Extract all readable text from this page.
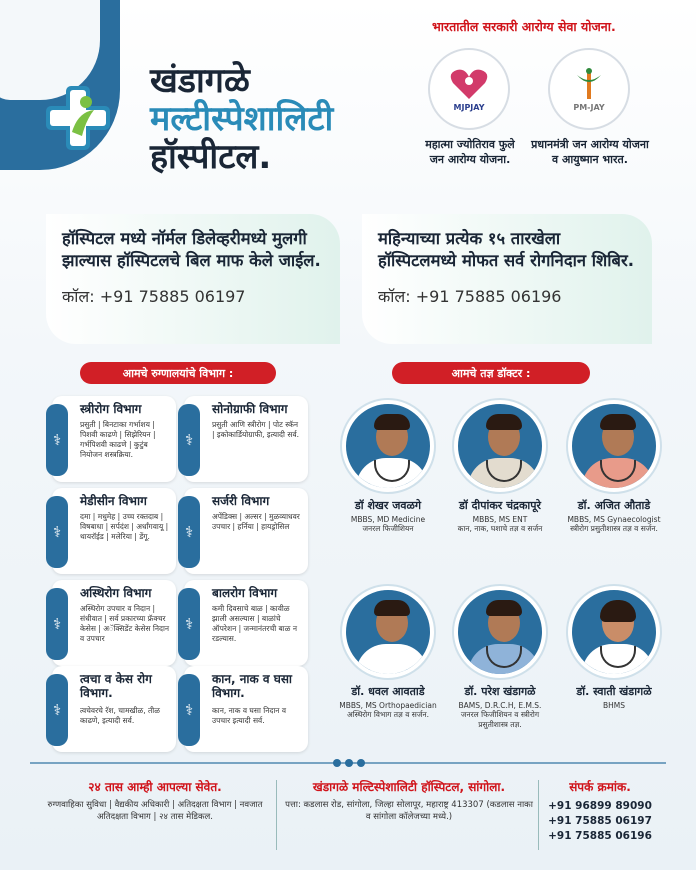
खंडागळे
मल्टीस्पेशालिटी
हॉस्पीटल.
भारतातील सरकारी आरोग्य सेवा योजना.
MJPJAY	PM-JAY
महात्मा ज्योतिराव फुले जन आरोग्य योजना.
प्रधानमंत्री जन आरोग्य योजना व आयुष्मान भारत.
हॉस्पिटल मध्ये नॉर्मल डिलेव्हरीमध्ये मुलगी झाल्यास हॉस्पिटलचे बिल माफ केले जाईल.
कॉल: +91 75885 06197
महिन्याच्या प्रत्येक १५ तारखेला हॉस्पिटलमध्ये मोफत सर्व रोगनिदान शिबिर.
कॉल: +91 75885 06196
आमचे रुग्णालयांचे विभाग :	आमचे तज्ञ डॉक्टर :
⚕
स्त्रीरोग विभाग
प्रसुती | बिनटाका गर्भाशय | पिशवी काढणे | सिझेरियन | गर्भपिशवी काढणे | कुटुंब नियोजन शस्त्रक्रिया.
⚕
सोनोग्राफी विभाग
प्रसुती आणि स्त्रीरोग | पोट स्कॅन | इकोकार्डियोग्राफी, इत्यादी सर्व.
⚕
मेडीसीन विभाग
दमा | मधुमेह | उच्च रक्तदाब | विषबाधा | सर्पदंश | अर्धांगवायू | थायरॉईड | मलेरिया | डेंगू.	⚕
सर्जरी विभाग
अपेंडिक्स | अल्सर | मुळव्याधवर उपचार | हर्निया | हायड्रोसिल
⚕
अस्थिरोग विभाग
अस्थिरोग उपचार व निदान | संधीवात | सर्व प्रकारच्या फ्रॅक्चर केसेस | अॅक्सिडेंट केसेस निदान व उपचार
⚕
बालरोग विभाग
कमी दिवसाचे बाळ | कावीळ झाली असल्यास | बाळांचे ऑपरेशन | जन्मानंतरची बाळ न रडल्यास.
⚕
त्वचा व केस रोग विभाग.
त्वचेवरचे रॅश, चामखीळ, तीळ काढणे, इत्यादी सर्व.
⚕
कान, नाक व घसा विभाग.
कान, नाक व घसा निदान व उपचार इत्यादी सर्व.
डॉ शेखर जवळगे
MBBS, MD Medicine
जनरल फिजीशियन
डॉ दीपांकर चंद्रकापूरे
MBBS, MS ENT
कान, नाक, घशाचे तज्ञ व सर्जन
डॉ. अजित औताडे
MBBS, MS Gynaecologist
स्त्रीरोग प्रसुतीशास्त्र तज्ञ व सर्जन.
डॉ. धवल आवताडे
MBBS, MS Orthopaedician
अस्थिरोग विभाग तज्ञ व सर्जन.
डॉ. परेश खंडागळे
BAMS, D.R.C.H, E.M.S.
जनरल फिजीशियन व स्त्रीरोग प्रसुतीशास्त्र तज्ञ.
डॉ. स्वाती खंडागळे
BHMS
२४ तास आम्ही आपल्या सेवेत.
रुग्णवाहिका सुविधा | वैद्यकीय अधिकारी | अतिदक्षता विभाग | नवजात अतिदक्षता विभाग | २४ तास मेडिकल.
खंडागळे मल्टिस्पेशालिटी हॉस्पिटल, सांगोला.
पत्ता: कडलास रोड, सांगोला, जिल्हा सोलापूर, महाराष्ट्र 413307 (कडलास नाका व सांगोला कॉलेजच्या मध्ये.)
संपर्क क्रमांक.
+91 96899 89090
+91 75885 06197
+91 75885 06196
